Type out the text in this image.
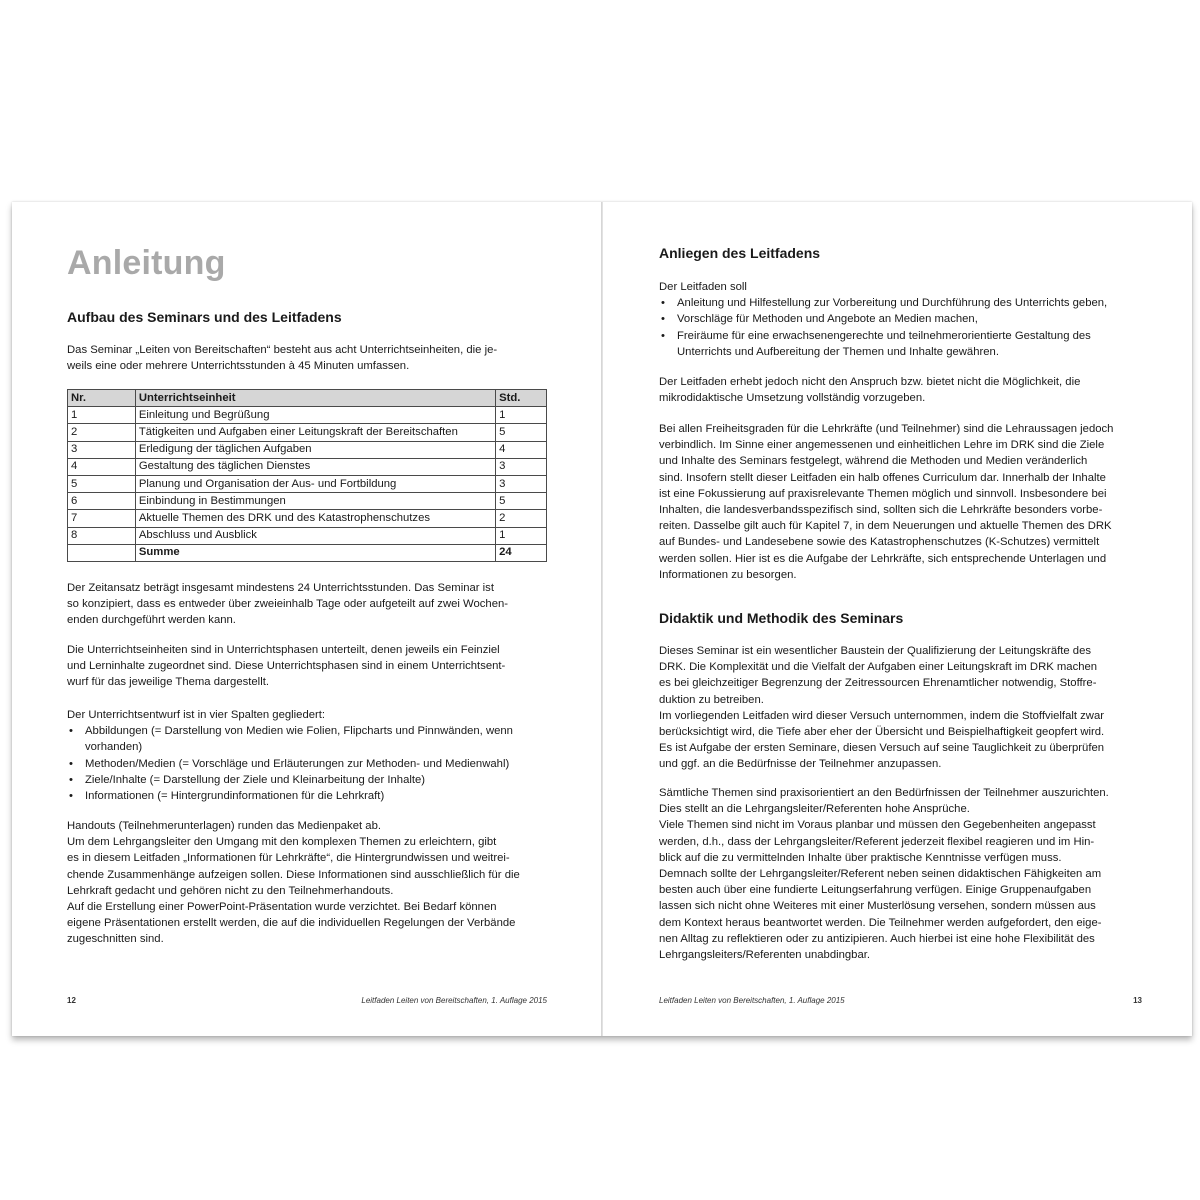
Anleitung
Aufbau des Seminars und des Leitfadens

Das Seminar „Leiten von Bereitschaften“ besteht aus acht Unterrichtseinheiten, die je-

weils eine oder mehrere Unterrichtsstunden à 45 Minuten umfassen.

Nr.	Unterrichtseinheit	Std.
1	Einleitung und Begrüßung	1
2	Tätigkeiten und Aufgaben einer Leitungskraft der Bereitschaften	5
3	Erledigung der täglichen Aufgaben	4
4	Gestaltung des täglichen Dienstes	3
5	Planung und Organisation der Aus- und Fortbildung	3
6	Einbindung in Bestimmungen	5
7	Aktuelle Themen des DRK und des Katastrophenschutzes	2
8	Abschluss und Ausblick	1
	Summe	24

Der Zeitansatz beträgt insgesamt mindestens 24 Unterrichtsstunden. Das Seminar ist

so konzipiert, dass es entweder über zweieinhalb Tage oder aufgeteilt auf zwei Wochen-

enden durchgeführt werden kann.

Die Unterrichtseinheiten sind in Unterrichtsphasen unterteilt, denen jeweils ein Feinziel

und Lerninhalte zugeordnet sind. Diese Unterrichtsphasen sind in einem Unterrichtsent-

wurf für das jeweilige Thema dargestellt.

Der Unterrichtsentwurf ist in vier Spalten gegliedert:

• Abbildungen (= Darstellung von Medien wie Folien, Flipcharts und Pinnwänden, wenn
vorhanden)
• Methoden/Medien (= Vorschläge und Erläuterungen zur Methoden- und Medienwahl)
• Ziele/Inhalte (= Darstellung der Ziele und Kleinarbeitung der Inhalte)
• Informationen (= Hintergrundinformationen für die Lehrkraft)

Handouts (Teilnehmerunterlagen) runden das Medienpaket ab.

Um dem Lehrgangsleiter den Umgang mit den komplexen Themen zu erleichtern, gibt

es in diesem Leitfaden „Informationen für Lehrkräfte“, die Hintergrundwissen und weitrei-

chende Zusammenhänge aufzeigen sollen. Diese Informationen sind ausschließlich für die

Lehrkraft gedacht und gehören nicht zu den Teilnehmerhandouts.

Auf die Erstellung einer PowerPoint-Präsentation wurde verzichtet. Bei Bedarf können

eigene Präsentationen erstellt werden, die auf die individuellen Regelungen der Verbände

zugeschnitten sind.

12	Leitfaden Leiten von Bereitschaften, 1. Auflage 2015
Anliegen des Leitfadens

Der Leitfaden soll

• Anleitung und Hilfestellung zur Vorbereitung und Durchführung des Unterrichts geben,
• Vorschläge für Methoden und Angebote an Medien machen,
• Freiräume für eine erwachsenengerechte und teilnehmerorientierte Gestaltung des
Unterrichts und Aufbereitung der Themen und Inhalte gewähren.

Der Leitfaden erhebt jedoch nicht den Anspruch bzw. bietet nicht die Möglichkeit, die

mikrodidaktische Umsetzung vollständig vorzugeben.

Bei allen Freiheitsgraden für die Lehrkräfte (und Teilnehmer) sind die Lehraussagen jedoch

verbindlich. Im Sinne einer angemessenen und einheitlichen Lehre im DRK sind die Ziele

und Inhalte des Seminars festgelegt, während die Methoden und Medien veränderlich

sind. Insofern stellt dieser Leitfaden ein halb offenes Curriculum dar. Innerhalb der Inhalte

ist eine Fokussierung auf praxisrelevante Themen möglich und sinnvoll. Insbesondere bei

Inhalten, die landesverbandsspezifisch sind, sollten sich die Lehrkräfte besonders vorbe-

reiten. Dasselbe gilt auch für Kapitel 7, in dem Neuerungen und aktuelle Themen des DRK

auf Bundes- und Landesebene sowie des Katastrophenschutzes (K-Schutzes) vermittelt

werden sollen. Hier ist es die Aufgabe der Lehrkräfte, sich entsprechende Unterlagen und

Informationen zu besorgen.

Didaktik und Methodik des Seminars

Dieses Seminar ist ein wesentlicher Baustein der Qualifizierung der Leitungskräfte des

DRK. Die Komplexität und die Vielfalt der Aufgaben einer Leitungskraft im DRK machen

es bei gleichzeitiger Begrenzung der Zeitressourcen Ehrenamtlicher notwendig, Stoffre-

duktion zu betreiben.

Im vorliegenden Leitfaden wird dieser Versuch unternommen, indem die Stoffvielfalt zwar

berücksichtigt wird, die Tiefe aber eher der Übersicht und Beispielhaftigkeit geopfert wird.

Es ist Aufgabe der ersten Seminare, diesen Versuch auf seine Tauglichkeit zu überprüfen

und ggf. an die Bedürfnisse der Teilnehmer anzupassen.

Sämtliche Themen sind praxisorientiert an den Bedürfnissen der Teilnehmer auszurichten.

Dies stellt an die Lehrgangsleiter/Referenten hohe Ansprüche.

Viele Themen sind nicht im Voraus planbar und müssen den Gegebenheiten angepasst

werden, d.h., dass der Lehrgangsleiter/Referent jederzeit flexibel reagieren und im Hin-

blick auf die zu vermittelnden Inhalte über praktische Kenntnisse verfügen muss.

Demnach sollte der Lehrgangsleiter/Referent neben seinen didaktischen Fähigkeiten am

besten auch über eine fundierte Leitungserfahrung verfügen. Einige Gruppenaufgaben

lassen sich nicht ohne Weiteres mit einer Musterlösung versehen, sondern müssen aus

dem Kontext heraus beantwortet werden. Die Teilnehmer werden aufgefordert, den eige-

nen Alltag zu reflektieren oder zu antizipieren. Auch hierbei ist eine hohe Flexibilität des

Lehrgangsleiters/Referenten unabdingbar.

Leitfaden Leiten von Bereitschaften, 1. Auflage 2015	13
